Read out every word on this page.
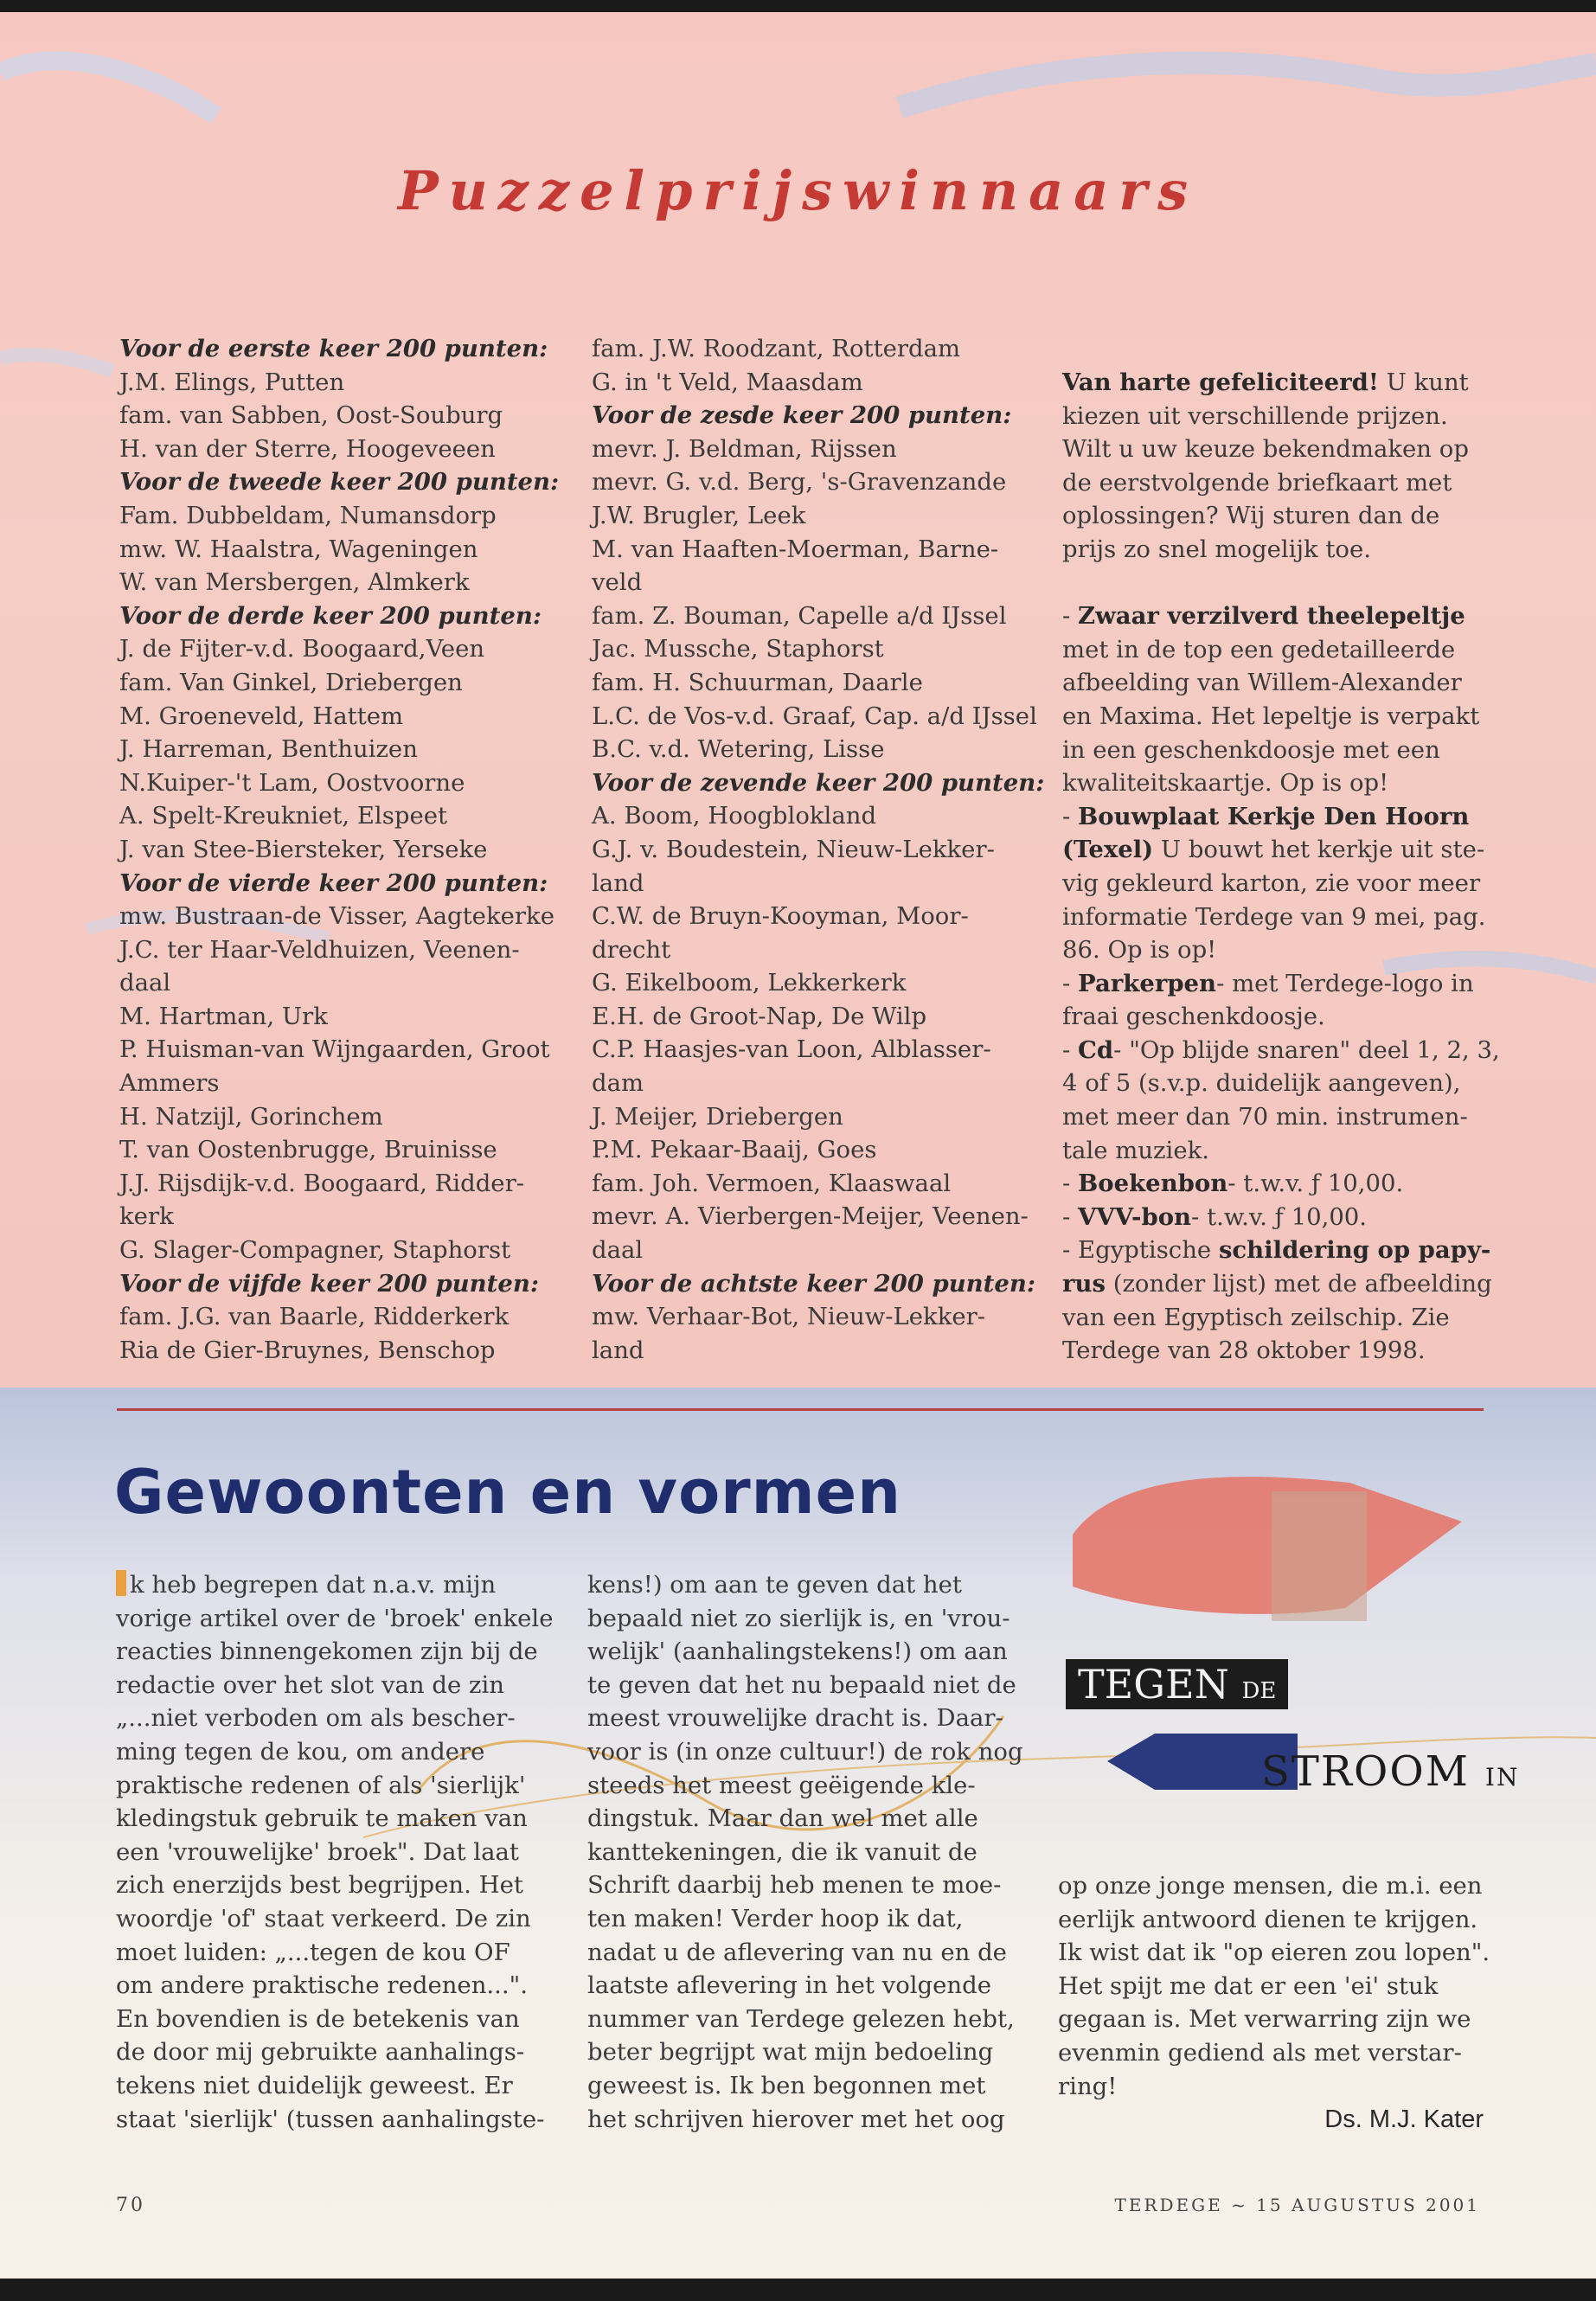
Puzzelprijswinnaars
Voor de eerste keer 200 punten:
J.M. Elings, Putten
fam. van Sabben, Oost-Souburg
H. van der Sterre, Hoogeveeen
Voor de tweede keer 200 punten:
Fam. Dubbeldam, Numansdorp
mw. W. Haalstra, Wageningen
W. van Mersbergen, Almkerk
Voor de derde keer 200 punten:
J. de Fijter-v.d. Boogaard,Veen
fam. Van Ginkel, Driebergen
M. Groeneveld, Hattem
J. Harreman, Benthuizen
N.Kuiper-'t Lam, Oostvoorne
A. Spelt-Kreukniet, Elspeet
J. van Stee-Biersteker, Yerseke
Voor de vierde keer 200 punten:
mw. Bustraan-de Visser, Aagtekerke
J.C. ter Haar-Veldhuizen, Veenen-
daal
M. Hartman, Urk
P. Huisman-van Wijngaarden, Groot
Ammers
H. Natzijl, Gorinchem
T. van Oostenbrugge, Bruinisse
J.J. Rijsdijk-v.d. Boogaard, Ridder-
kerk
G. Slager-Compagner, Staphorst
Voor de vijfde keer 200 punten:
fam. J.G. van Baarle, Ridderkerk
Ria de Gier-Bruynes, Benschop
fam. J.W. Roodzant, Rotterdam
G. in 't Veld, Maasdam
Voor de zesde keer 200 punten:
mevr. J. Beldman, Rijssen
mevr. G. v.d. Berg, 's-Gravenzande
J.W. Brugler, Leek
M. van Haaften-Moerman, Barne-
veld
fam. Z. Bouman, Capelle a/d IJssel
Jac. Mussche, Staphorst
fam. H. Schuurman, Daarle
L.C. de Vos-v.d. Graaf, Cap. a/d IJssel
B.C. v.d. Wetering, Lisse
Voor de zevende keer 200 punten:
A. Boom, Hoogblokland
G.J. v. Boudestein, Nieuw-Lekker-
land
C.W. de Bruyn-Kooyman, Moor-
drecht
G. Eikelboom, Lekkerkerk
E.H. de Groot-Nap, De Wilp
C.P. Haasjes-van Loon, Alblasser-
dam
J. Meijer, Driebergen
P.M. Pekaar-Baaij, Goes
fam. Joh. Vermoen, Klaaswaal
mevr. A. Vierbergen-Meijer, Veenen-
daal
Voor de achtste keer 200 punten:
mw. Verhaar-Bot, Nieuw-Lekker-
land
Van harte gefeliciteerd! U kunt
kiezen uit verschillende prijzen.
Wilt u uw keuze bekendmaken op
de eerstvolgende briefkaart met
oplossingen? Wij sturen dan de
prijs zo snel mogelijk toe.

- Zwaar verzilverd theelepeltje
met in de top een gedetailleerde
afbeelding van Willem-Alexander
en Maxima. Het lepeltje is verpakt
in een geschenkdoosje met een
kwaliteitskaartje. Op is op!
- Bouwplaat Kerkje Den Hoorn
(Texel) U bouwt het kerkje uit ste-
vig gekleurd karton, zie voor meer
informatie Terdege van 9 mei, pag.
86. Op is op!
- Parkerpen- met Terdege-logo in
fraai geschenkdoosje.
- Cd- "Op blijde snaren" deel 1, 2, 3,
4 of 5 (s.v.p. duidelijk aangeven),
met meer dan 70 min. instrumen-
tale muziek.
- Boekenbon- t.w.v. ƒ 10,00.
- VVV-bon- t.w.v. ƒ 10,00.
- Egyptische schildering op papy-
rus (zonder lijst) met de afbeelding
van een Egyptisch zeilschip. Zie
Terdege van 28 oktober 1998.
Gewoonten en vormen
k heb begrepen dat n.a.v. mijn
vorige artikel over de 'broek' enkele
reacties binnengekomen zijn bij de
redactie over het slot van de zin
„...niet verboden om als bescher-
ming tegen de kou, om andere
praktische redenen of als 'sierlijk'
kledingstuk gebruik te maken van
een 'vrouwelijke' broek". Dat laat
zich enerzijds best begrijpen. Het
woordje 'of' staat verkeerd. De zin
moet luiden: „...tegen de kou OF
om andere praktische redenen...".
En bovendien is de betekenis van
de door mij gebruikte aanhalings-
tekens niet duidelijk geweest. Er
staat 'sierlijk' (tussen aanhalingste-
kens!) om aan te geven dat het
bepaald niet zo sierlijk is, en 'vrou-
welijk' (aanhalingstekens!) om aan
te geven dat het nu bepaald niet de
meest vrouwelijke dracht is. Daar-
voor is (in onze cultuur!) de rok nog
steeds het meest geëigende kle-
dingstuk. Maar dan wel met alle
kanttekeningen, die ik vanuit de
Schrift daarbij heb menen te moe-
ten maken! Verder hoop ik dat,
nadat u de aflevering van nu en de
laatste aflevering in het volgende
nummer van Terdege gelezen hebt,
beter begrijpt wat mijn bedoeling
geweest is. Ik ben begonnen met
het schrijven hierover met het oog
op onze jonge mensen, die m.i. een
eerlijk antwoord dienen te krijgen.
Ik wist dat ik "op eieren zou lopen".
Het spijt me dat er een 'ei' stuk
gegaan is. Met verwarring zijn we
evenmin gediend als met verstar-
ring!
TEGEN DE
STROOM IN
Ds. M.J. Kater
70	TERDEGE ~ 15 AUGUSTUS 2001
